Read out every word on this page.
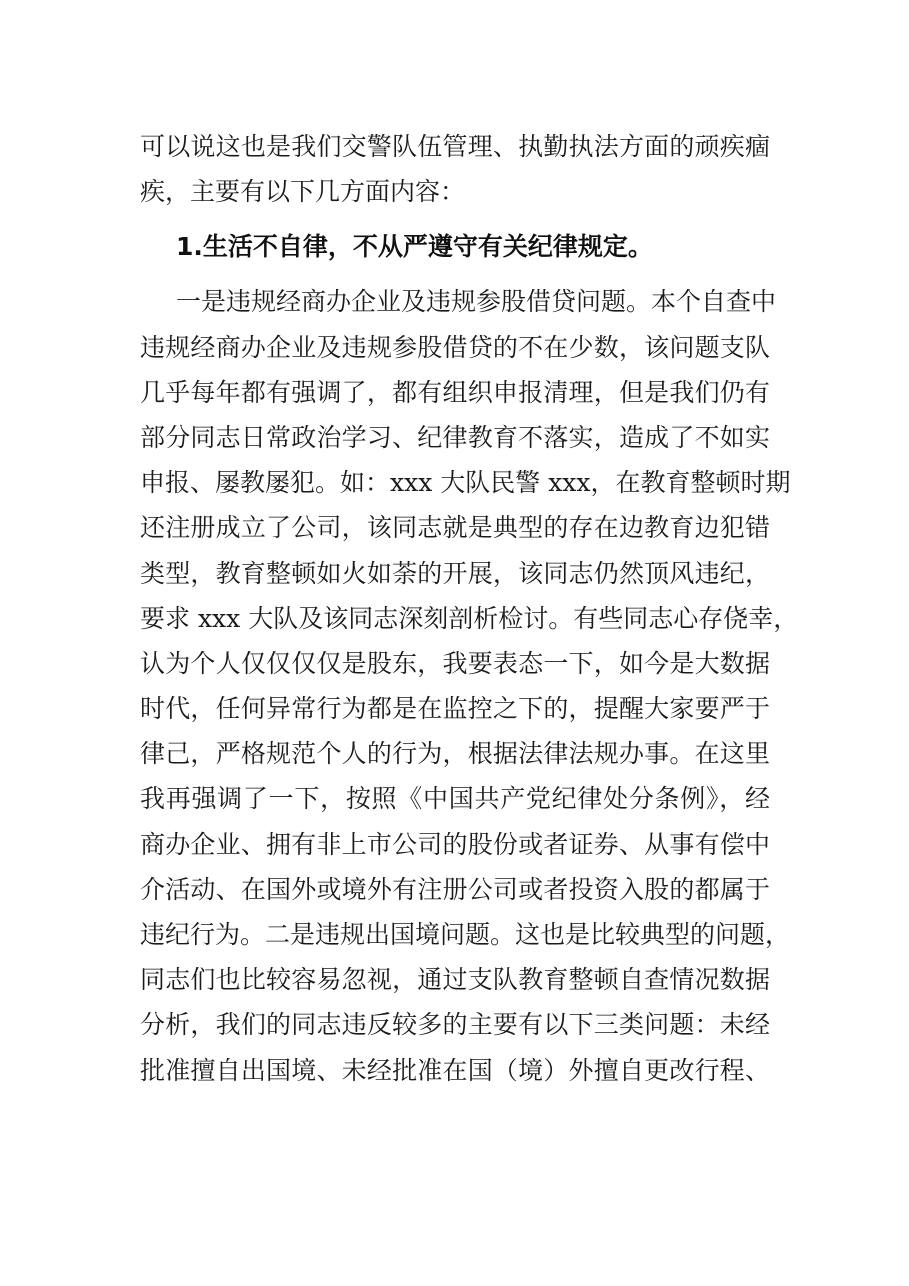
可以说这也是我们交警队伍管理、执勤执法方面的顽疾痼
疾，主要有以下几方面内容：
1.生活不自律，不从严遵守有关纪律规定。
一是违规经商办企业及违规参股借贷问题。本个自查中
违规经商办企业及违规参股借贷的不在少数，该问题支队
几乎每年都有强调了，都有组织申报清理，但是我们仍有
部分同志日常政治学习、纪律教育不落实，造成了不如实
申报、屡教屡犯。如：xxx 大队民警 xxx，在教育整顿时期
还注册成立了公司，该同志就是典型的存在边教育边犯错
类型，教育整顿如火如荼的开展，该同志仍然顶风违纪，
要求 xxx 大队及该同志深刻剖析检讨。有些同志心存侥幸，
认为个人仅仅仅仅是股东，我要表态一下，如今是大数据
时代，任何异常行为都是在监控之下的，提醒大家要严于
律己，严格规范个人的行为，根据法律法规办事。在这里
我再强调了一下，按照《中国共产党纪律处分条例》，经
商办企业、拥有非上市公司的股份或者证券、从事有偿中
介活动、在国外或境外有注册公司或者投资入股的都属于
违纪行为。二是违规出国境问题。这也是比较典型的问题，
同志们也比较容易忽视，通过支队教育整顿自查情况数据
分析，我们的同志违反较多的主要有以下三类问题：未经
批准擅自出国境、未经批准在国（境）外擅自更改行程、
